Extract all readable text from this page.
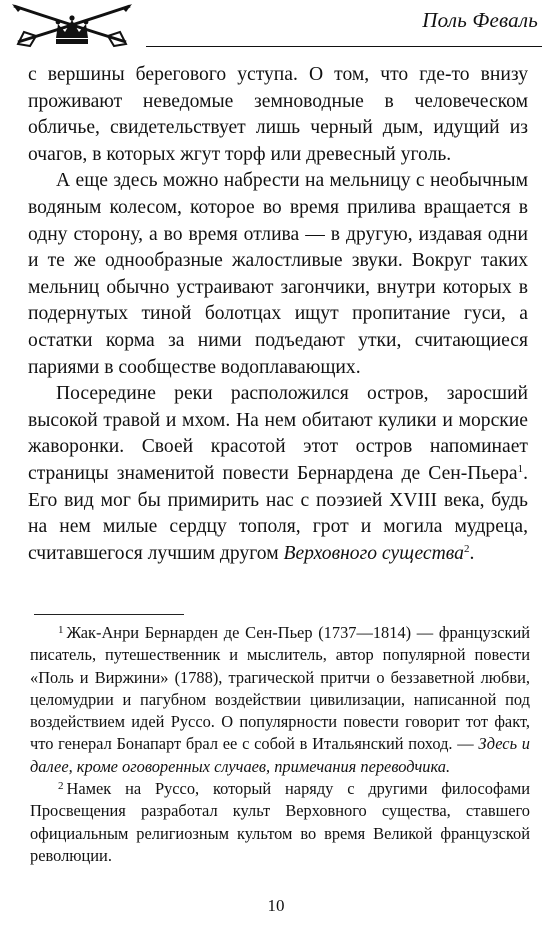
Поль Феваль

с вершины берегового уступа. О том, что где-то внизу проживают неведомые земноводные в человеческом обличье, свидетельствует лишь черный дым, идущий из очагов, в которых жгут торф или древесный уголь.

А еще здесь можно набрести на мельницу с необычным водяным колесом, которое во время прилива вращается в одну сторону, а во время отлива — в другую, издавая одни и те же однообразные жалостливые звуки. Вокруг таких мельниц обычно устраивают загончики, внутри которых в подернутых тиной болотцах ищут пропитание гуси, а остатки корма за ними подъедают утки, считающиеся париями в сообществе водоплавающих.

Посередине реки расположился остров, заросший высокой травой и мхом. На нем обитают кулики и морские жаворонки. Своей красотой этот остров напоминает страницы знаменитой повести Бернардена де Сен-Пьера$^1$. Его вид мог бы примирить нас с поэзией XVIII века, будь на нем милые сердцу тополя, грот и могила мудреца, считавшегося лучшим другом Верховного существа$^2$.

$^1$ Жак-Анри Бернарден де Сен-Пьер (1737—1814) — французский писатель, путешественник и мыслитель, автор популярной повести «Поль и Виржини» (1788), трагической притчи о беззаветной любви, целомудрии и пагубном воздействии цивилизации, написанной под воздействием идей Руссо. О популярности повести говорит тот факт, что генерал Бонапарт брал ее с собой в Итальянский поход. — Здесь и далее, кроме оговоренных случаев, примечания переводчика.

$^2$ Намек на Руссо, который наряду с другими философами Просвещения разработал культ Верховного существа, ставшего официальным религиозным культом во время Великой французской революции.

10
